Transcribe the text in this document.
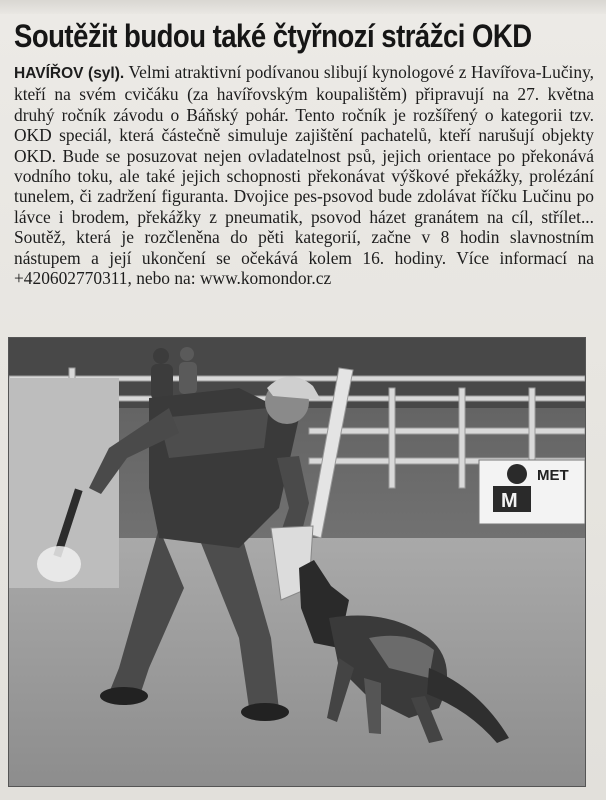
Soutěžit budou také čtyřnozí strážci OKD
HAVÍŘOV (syl). Velmi atraktivní podívanou slibují kynologové z Havířova-Lučiny, kteří na svém cvičáku (za havířovským koupalištěm) připravují na 27. května druhý ročník závodu o Báňský pohár. Tento ročník je rozšířený o kategorii tzv. OKD speciál, která částečně simuluje zajištění pachatelů, kteří narušují objekty OKD. Bude se posuzovat nejen ovladatelnost psů, jejich orientace po překonává vodního toku, ale také jejich schopnosti překonávat výškové překážky, prolézání tunelem, či zadržení figuranta. Dvojice pes-psovod bude zdolávat říčku Lučinu po lávce i brodem, překážky z pneumatik, psovod házet granátem na cíl, střílet... Soutěž, která je rozčleněna do pěti kategorií, začne v 8 hodin slavnostním nástupem a její ukončení se očekává kolem 16. hodiny. Více informací na +420602770311, nebo na: www.komondor.cz
MET
M
